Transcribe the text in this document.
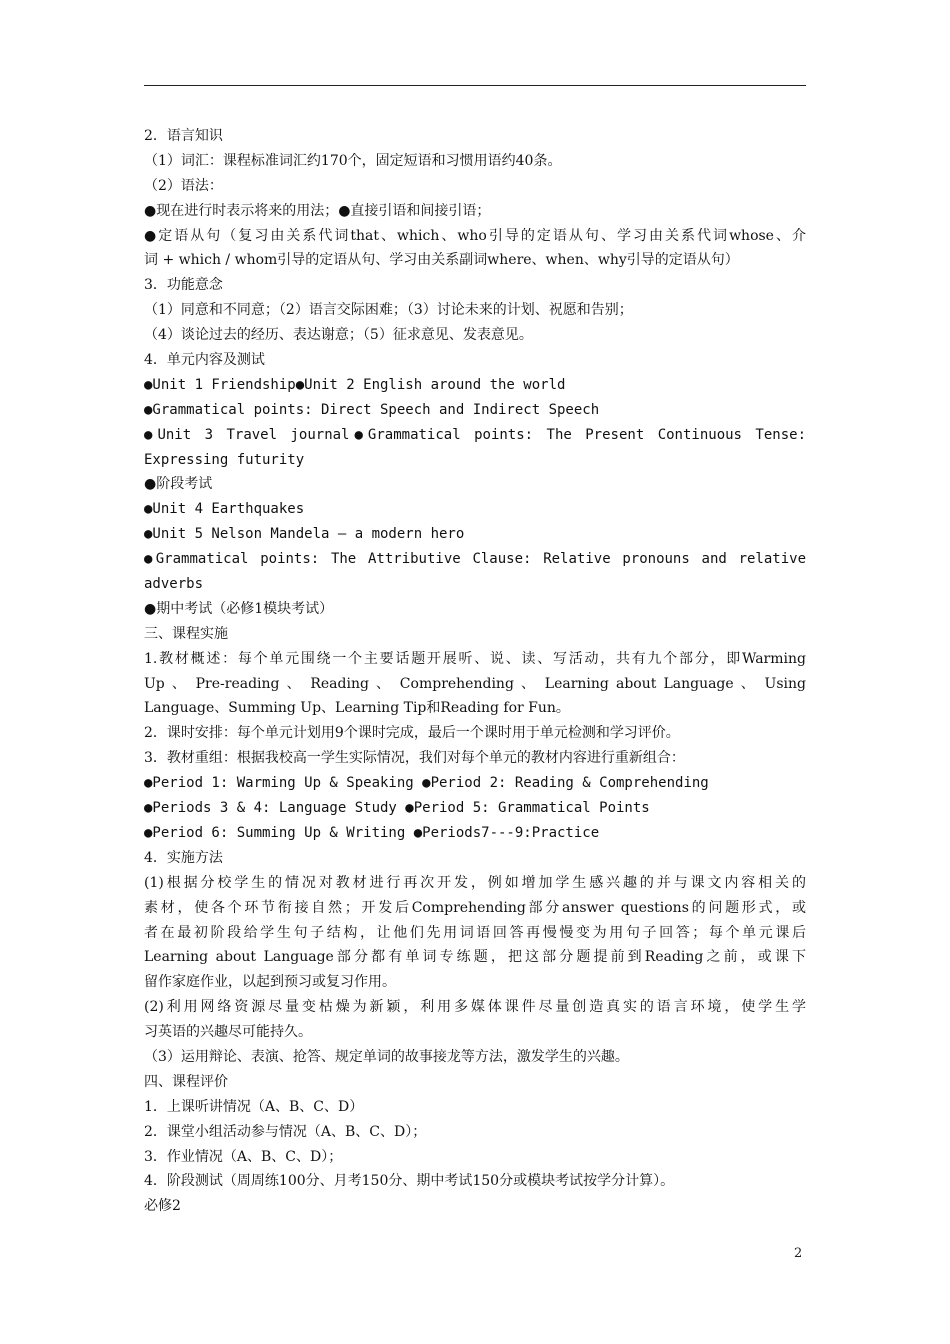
2．语言知识
（1）词汇：课程标准词汇约170个，固定短语和习惯用语约40条。
（2）语法：
●现在进行时表示将来的用法；●直接引语和间接引语；
●定语从句（复习由关系代词that、which、who引导的定语从句、学习由关系代词whose、介
词 + which / whom引导的定语从句、学习由关系副词where、when、why引导的定语从句）
3．功能意念
（1）同意和不同意；（2）语言交际困难；（3）讨论未来的计划、祝愿和告别；
（4）谈论过去的经历、表达谢意；（5）征求意见、发表意见。
4．单元内容及测试
●Unit 1 Friendship●Unit 2 English around the world
●Grammatical points: Direct Speech and Indirect Speech
●Unit 3 Travel journal●Grammatical points: The Present Continuous Tense:
Expressing futurity
●阶段考试
●Unit 4 Earthquakes
●Unit 5 Nelson Mandela — a modern hero
●Grammatical points: The Attributive Clause: Relative pronouns and relative
adverbs
●期中考试（必修1模块考试）
三、课程实施
1.教材概述：每个单元围绕一个主要话题开展听、说、读、写活动，共有九个部分，即Warming
Up 、 Pre-reading 、 Reading 、 Comprehending 、 Learning about Language 、 Using
Language、Summing Up、Learning Tip和Reading for Fun。
2．课时安排：每个单元计划用9个课时完成，最后一个课时用于单元检测和学习评价。
3．教材重组：根据我校高一学生实际情况，我们对每个单元的教材内容进行重新组合：
●Period 1: Warming Up & Speaking ●Period 2: Reading & Comprehending
●Periods 3 & 4: Language Study ●Period 5: Grammatical Points
●Period 6: Summing Up & Writing ●Periods7---9:Practice
4．实施方法
(1)根据分校学生的情况对教材进行再次开发，例如增加学生感兴趣的并与课文内容相关的
素材，使各个环节衔接自然；开发后Comprehending部分answer questions的问题形式，或
者在最初阶段给学生句子结构，让他们先用词语回答再慢慢变为用句子回答；每个单元课后
Learning about Language部分都有单词专练题，把这部分题提前到Reading之前，或课下
留作家庭作业，以起到预习或复习作用。
(2)利用网络资源尽量变枯燥为新颖，利用多媒体课件尽量创造真实的语言环境，使学生学
习英语的兴趣尽可能持久。
（3）运用辩论、表演、抢答、规定单词的故事接龙等方法，激发学生的兴趣。
四、课程评价
1．上课听讲情况（A、B、C、D）
2．课堂小组活动参与情况（A、B、C、D）；
3．作业情况（A、B、C、D）；
4．阶段测试（周周练100分、月考150分、期中考试150分或模块考试按学分计算）。
必修2
2
